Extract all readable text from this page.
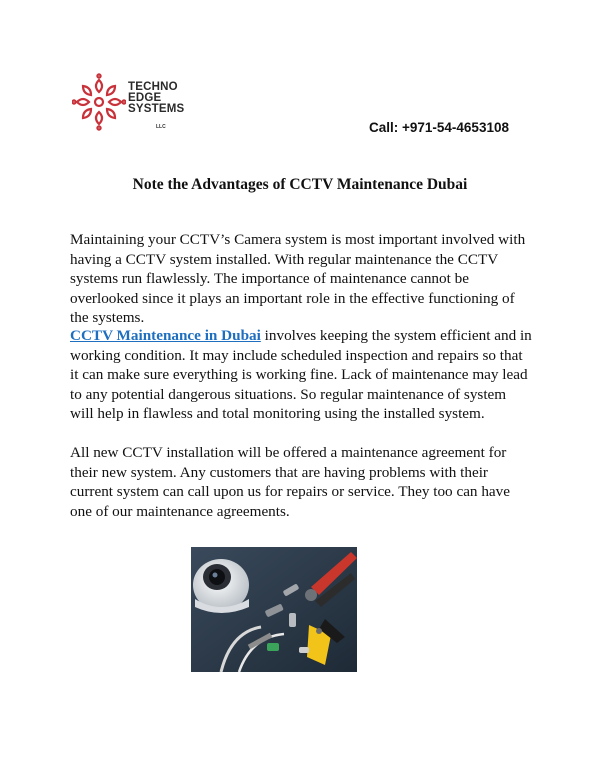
TECHNO
EDGE
SYSTEMS
LLC	Call: +971-54-4653108
Note the Advantages of CCTV Maintenance Dubai

Maintaining your CCTV’s Camera system is most important involved with having a CCTV system installed. With regular maintenance the CCTV systems run flawlessly. The importance of maintenance cannot be overlooked since it plays an important role in the effective functioning of the systems.

CCTV Maintenance in Dubai involves keeping the system efficient and in working condition. It may include scheduled inspection and repairs so that it can make sure everything is working fine. Lack of maintenance may lead to any potential dangerous situations. So regular maintenance of system will help in flawless and total monitoring using the installed system.

All new CCTV installation will be offered a maintenance agreement for their new system. Any customers that are having problems with their current system can call upon us for repairs or service. They too can have one of our maintenance agreements.
